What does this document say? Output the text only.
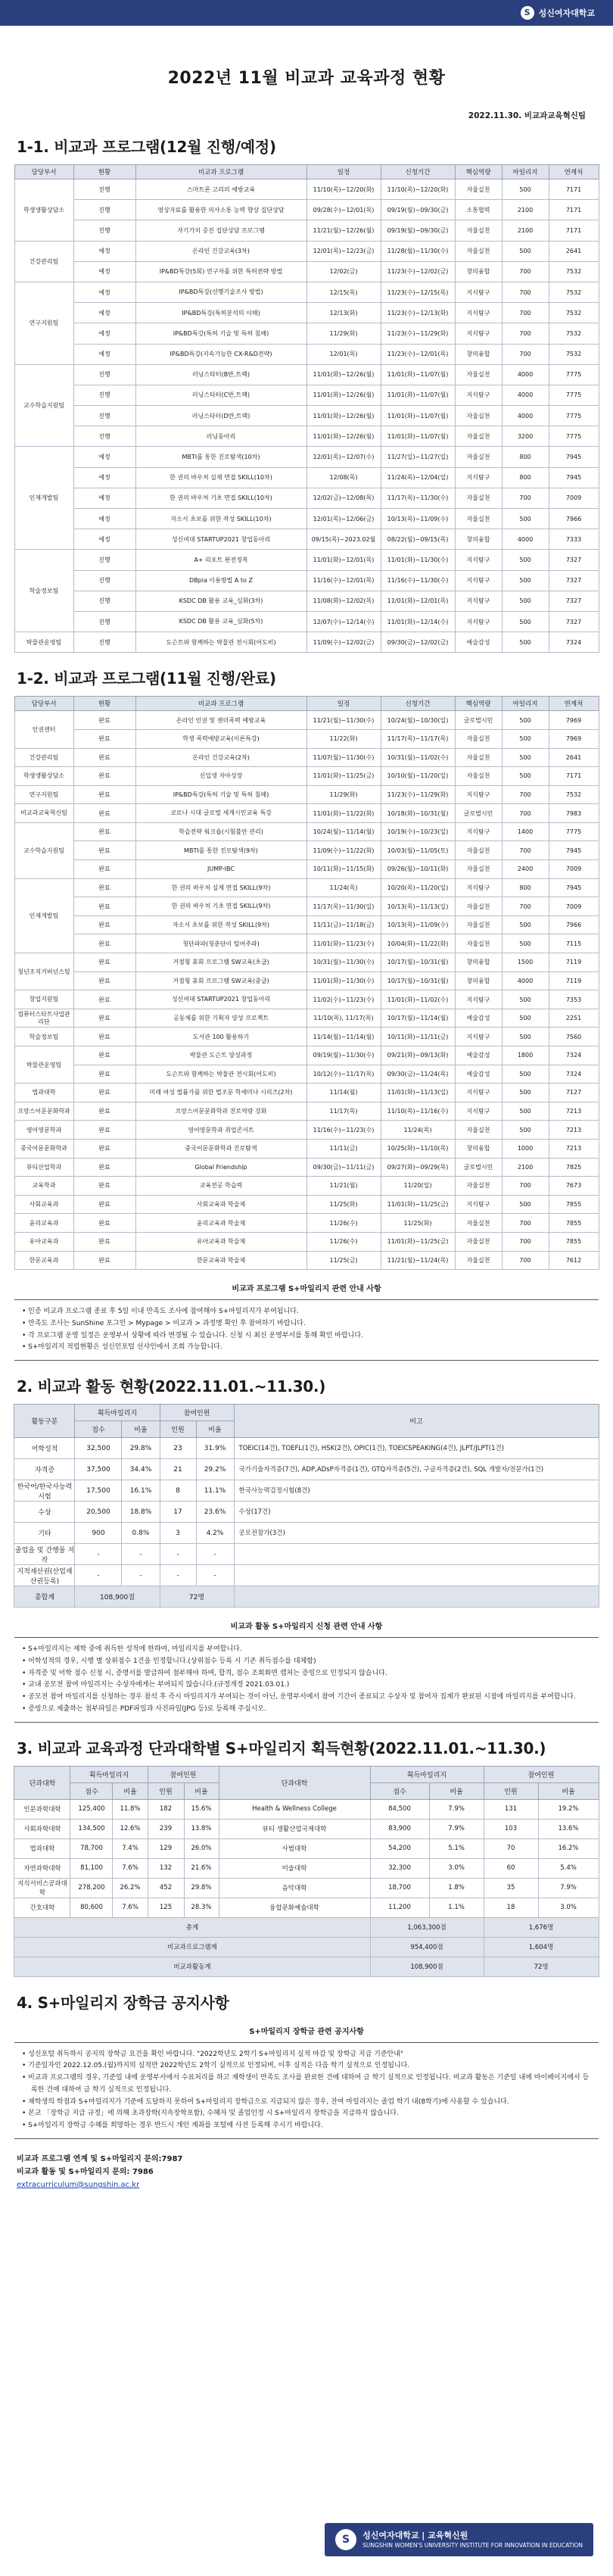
S	성신여자대학교
2022년 11월 비교과 교육과정 현황
2022.11.30. 비교과교육혁신팀
1-1. 비교과 프로그램(12월 진행/예정)
담당부서	현황	비교과 프로그램	일정	신청기간	핵심역량	마일리지	연계처
학생생활상담소	진행	스마트폰 고리의 예방교육	11/10(목)~12/20(화)	11/10(목)~12/20(화)	자율실천	500	7171
	진행	영상자료를 활용한 의사소통 능력 향상 집단상담	09/28(수)~12/01(목)	09/19(월)~09/30(금)	소통협력	2100	7171
	진행	자기가치 증진 집단상담 프로그램	11/21(월)~12/26(월)	09/19(월)~09/30(금)	자율실천	2100	7171
건강관리팀	예정	온라인 건강교육(3차)	12/01(목)~12/23(금)	11/28(월)~11/30(수)	자율실천	500	2641
	예정	IP&BD특강(5회) 연구자를 위한 특허전략 방법	12/02(금)	11/23(수)~12/02(금)	창의융합	700	7532
연구지원팀	예정	IP&BD특강(선행기술조사 방법)	12/15(목)	11/23(수)~12/15(목)	지식탐구	700	7532
	예정	IP&BD특강(특허분석의 이해)	12/13(화)	11/23(수)~12/13(화)	지식탐구	700	7532
	예정	IP&BD특강(특허 기술 및 특허 침해)	11/29(화)	11/23(수)~11/29(화)	지식탐구	700	7532
	예정	IP&BD특강(지속가능한 CX-R&D전략)	12/01(목)	11/23(수)~12/01(목)	창의융합	700	7532
교수학습지원팀	진행	러닝스타터(B반,트랙)	11/01(화)~12/26(월)	11/01(화)~11/07(월)	자율실천	4000	7775
	진행	러닝스타터(C반,트랙)	11/01(화)~12/26(월)	11/01(화)~11/07(월)	지식탐구	4000	7775
	진행	러닝스타터(D반,트랙)	11/01(화)~12/26(월)	11/01(화)~11/07(월)	자율실천	4000	7775
	진행	러닝동아리	11/01(화)~12/26(월)	11/01(화)~11/07(월)	자율실천	3200	7775
인재개발팀	예정	MBTI를 통한 진로탐색(10차)	12/01(목)~12/07(수)	11/27(일)~11/27(일)	자율실천	800	7945
	예정	한 권의 바우처 실제 면접 SKILL(10차)	12/08(목)	11/24(목)~12/04(일)	지식탐구	800	7945
	예정	한 권의 바우처 기초 면접 SKILL(10차)	12/02(금)~12/08(목)	11/17(목)~11/30(수)	자율실천	700	7009
	예정	자소서 초보를 위한 작성 SKILL(10차)	12/01(목)~12/06(금)	10/13(목)~11/09(수)	자율실천	500	7966
	예정	성신여대 STARTUP2021 창업동아리	09/15(목)~2023.02월	08/22(월)~09/15(목)	창의융합	4000	7333
학술정보팀	진행	A+ 리포트 완전정복	11/01(화)~12/01(목)	11/01(화)~11/30(수)	지식탐구	500	7327
	진행	DBpia 이용방법 A to Z	11/16(수)~12/01(목)	11/16(수)~11/30(수)	지식탐구	500	7327
	진행	KSDC DB 활용 교육_심화(3차)	11/08(화)~12/02(목)	11/01(화)~12/01(목)	지식탐구	500	7327
	진행	KSDC DB 활용 교육_심화(5차)	12/07(수)~12/14(수)	11/01(화)~12/14(수)	지식탐구	500	7327
박물관운영팀	진행	도슨트와 함께하는 박물관 전시회(어도비)	11/09(수)~12/02(금)	09/30(금)~12/02(금)	예술감성	500	7324
1-2. 비교과 프로그램(11월 진행/완료)
담당부서	현황	비교과 프로그램	일정	신청기간	핵심역량	마일리지	연계처
인권센터	완료	온라인 인권 및 젠더폭력 예방교육	11/21(월)~11/30(수)	10/24(월)~10/30(일)	글로벌시민	500	7969
	완료	학생 폭력예방교육(이론특강)	11/22(화)	11/17(목)~11/17(목)	자율실천	500	7969
건강관리팀	완료	온라인 건강교육(2차)	11/07(월)~11/30(수)	10/31(월)~11/02(수)	자율실천	500	2641
학생생활상담소	완료	신입생 자아성장	11/01(화)~11/25(금)	10/10(월)~11/20(일)	자율실천	500	7171
연구지원팀	완료	IP&BD특강(특허 기술 및 특허 침해)	11/29(화)	11/23(수)~11/29(화)	지식탐구	700	7532
비교과교육혁신팀	완료	코로나 시대 글로벌 세계시민교육 특강	11/01(화)~11/22(화)	10/18(화)~10/31(월)	글로벌시민	700	7983
교수학습지원팀	완료	학습전략 워크숍(시험불안 관리)	10/24(월)~11/14(월)	10/19(수)~10/23(일)	지식탐구	1400	7775
	완료	MBTI를 통한 진로탐색(9차)	11/09(수)~11/22(화)	10/03(월)~11/05(토)	자율실천	700	7945
	완료	JUMP-IBC	10/11(화)~11/15(화)	09/26(월)~10/11(화)	자율실천	2400	7009
인재개발팀	완료	한 권의 바우처 실제 면접 SKILL(9차)	11/24(목)	10/20(목)~11/20(일)	지식탐구	800	7945
	완료	한 권의 바우처 기초 면접 SKILL(9차)	11/17(목)~11/30(일)	10/13(목)~11/13(일)	자율실천	700	7009
	완료	자소서 초보를 위한 작성 SKILL(9차)	11/11(금)~11/18(금)	10/13(목)~11/09(수)	자율실천	500	7966
	완료	청단파파(청춘단이 털어주파)	11/01(화)~11/23(수)	10/04(화)~11/22(화)	자율실천	500	7115
청년조직거버넌스팀	완료	거점형 휴회 프로그램 SW교육(초급)	10/31(월)~11/30(수)	10/17(월)~10/31(월)	창의융합	1500	7119
	완료	거점형 휴회 프로그램 SW교육(중급)	11/01(화)~11/30(수)	10/17(월)~10/31(월)	창의융합	4000	7119
창업지원팀	완료	성신여대 STARTUP2021 창업동아리	11/02(수)~11/23(수)	11/01(화)~11/02(수)	지식탐구	500	7353
컴퓨터스타트사업관리단	완료	공동체를 위한 기획자 양성 프로젝트	11/10(목), 11/17(목)	10/17(월)~11/14(월)	예술감성	500	2251
학술정보팀	완료	도서관 100 활용하기	11/14(월)~11/14(월)	10/11(화)~11/11(금)	지식탐구	500	7560
박물관운영팀	완료	박물관 도슨트 양성과정	09/19(월)~11/30(수)	09/21(화)~09/13(화)	예술감성	1800	7324
	완료	도슨트와 함께하는 박물관 전시회(어도비)	10/12(수)~11/17(목)	09/30(금)~11/24(목)	예술감성	500	7324
법과대학	완료	미래 여성 법률가를 위한 법조문 학세미나 시리즈(2차)	11/14(월)	11/01(화)~11/13(일)	지식탐구	500	7127
프랑스어문문화학과	완료	프랑스어문문화학과 진로역량 강화	11/17(목)	11/10(목)~11/16(수)	지식탐구	500	7213
영어영문학과	완료	영어영문학과 취업콘서트	11/16(수)~11/23(수)	11/24(목)	자율실천	500	7213
중국어문문화학과	완료	중국어문문화학과 진로탐색	11/11(금)	10/25(화)~11/10(목)	창의융합	1000	7213
뷰티산업학과	완료	Global Friendship	09/30(금)~11/11(금)	09/27(화)~09/29(목)	글로벌시민	2100	7825
교육학과	완료	교육전공 학습력	11/21(월)	11/20(일)	자율실천	700	7673
사회교육과	완료	사회교육과 학술제	11/25(화)	11/01(화)~11/25(금)	지식탐구	500	7855
윤리교육과	완료	윤리교육과 학술제	11/26(수)	11/25(화)	자율실천	700	7855
유아교육과	완료	유아교육과 학술제	11/26(수)	11/01(화)~11/25(금)	자율실천	700	7855
한문교육과	완료	한문교육과 학술제	11/25(금)	11/21(월)~11/24(목)	자율실천	700	7612
비교과 프로그램 S+마일리지 관련 안내 사항
• 인증 비교과 프로그램 종료 후 5일 이내 만족도 조사에 참여해야 S+마일리지가 부여됩니다.
• 만족도 조사는 SunShine 포그인 > Mypage > 비교과 > 과정명 확인 후 참여하기 바랍니다.
• 각 프로그램 운영 일정은 운영부서 상황에 따라 변경될 수 있습니다. 신청 시 최신 운영부서를 통해 확인 바랍니다.
• S+마일리지 적립현황은 성신인포털 선샤인에서 조회 가능합니다.
2. 비교과 활동 현황(2022.11.01.~11.30.)
활동구분	획득마일리지		참여인원		비고
	점수	비율	인원	비율	
어학성적	32,500	29.8%	23	31.9%	TOEIC(14건), TOEFL(1건), HSK(2건), OPIC(1건), TOEICSPEAKING(4건), JLPT/JLPT(1건)
자격증	37,500	34.4%	21	29.2%	국가기술자격증(7건), ADP,ADsP자격증(1건), GTQ자격증(5건), 구글자격증(2건), SQL 개발자/전문가(1건)
한국어/한국사능력시험	17,500	16.1%	8	11.1%	한국사능력검정시험(8건)
수상	20,500	18.8%	17	23.6%	수상(17건)
기타	900	0.8%	3	4.2%	공모전참가(3건)
졸업을 및 간행물 저작	-	-	-	-	
지적재산권(산업재산권등록)	-	-	-	-	
총합계	108,900점		72명		
비교과 활동 S+마일리지 신청 관련 안내 사항
• S+마일리지는 재학 중에 취득한 성적에 한하여, 마일리지를 부여합니다.
• 어학성적의 경우, 시행 별 상위점수 1건을 인정합니다.(상위점수 등록 시 기존 취득점수를 대체함)
• 자격증 및 어학 점수 신청 시, 증명서를 발급하여 첨부해야 하며, 합격, 점수 조회화면 캡처는 증빙으로 인정되지 않습니다.
• 교내 공모전 참여 마일리지는 수상자에게는 부여되지 않습니다.(규정개정 2021.03.01.)
• 공모전 참여 마일리지를 신청하는 경우 참석 후 즉시 마일리지가 부여되는 것이 아닌, 운영부서에서 참여 기간이 종료되고 수상자 및 참여자 집계가 완료된 시점에 마일리지를 부여합니다.
• 증빙으로 제출하는 첨부파일은 PDF파일과 사진파일(JPG 등)로 등록해 주십시오.
3. 비교과 교육과정 단과대학별 S+마일리지 획득현황(2022.11.01.~11.30.)
단과대학	획득마일리지		참여인원		단과대학	획득마일리지		참여인원	
	점수	비율	인원	비율		점수	비율	인원	비율
인문과학대학	125,400	11.8%	182	15.6%	Health & Wellness College	84,500	7.9%	131	19.2%
사회과학대학	134,500	12.6%	239	13.8%	뷰티 생활산업국제대학	83,900	7.9%	103	13.6%
법과대학	78,700	7.4%	129	26.0%	사범대학	54,200	5.1%	70	16.2%
자연과학대학	81,100	7.6%	132	21.6%	미술대학	32,300	3.0%	60	5.4%
지식서비스공과대학	278,200	26.2%	452	29.8%	음악대학	18,700	1.8%	35	7.9%
간호대학	80,600	7.6%	125	28.3%	융합문화예술대학	11,200	1.1%	18	3.0%
총계						1,063,300점		1,676명	
비교과프로그램계						954,400점		1,604명	
비교과활동계						108,900점		72명	
4. S+마일리지 장학금 공지사항
S+마일리지 장학금 관련 공지사항
• 성신포털 취득하시 공지의 장학금 요건을 확인 바랍니다. "2022학년도 2학기 S+마일리지 실적 마감 및 장학금 지급 기준안내"
• 기준일자인 2022.12.05.(월)까지의 실적만 2022학년도 2학기 실적으로 인정되며, 이후 실적은 다음 학기 실적으로 인정됩니다.
• 비교과 프로그램의 경우, 기준일 내에 운영부서에서 수료처리를 하고 재학생이 만족도 조사를 완료한 건에 대하여 금 학기 실적으로 인정됩니다. 비교과 활동은 기준일 내에 마이페이지에서 등록한 건에 대하여 금 학기 실적으로 인정됩니다.
• 재학생의 학점과 S+마일리지가 기준에 도달하지 못하여 S+마일리지 장학금으로 지급되지 않은 경우, 잔여 마일리지는 졸업 학기 내(8학기)에 사용할 수 있습니다.
• 본교 「장학금 지급 규정」에 의해 초과장학(지속장학포함), 수혜자 및 졸업인정 시 S+마일리지 장학금을 지급하지 않습니다.
• S+마일리지 장학금 수혜를 희망하는 경우 반드시 개인 계좌를 포털에 사전 등록해 주시기 바랍니다.
비교과 프로그램 연계 및 S+마일리지 문의:7987
비교과 활동 및 S+마일리지 문의: 7986
extracurriculum@sungshin.ac.kr
S	성신여자대학교 | 교육혁신원
SUNGSHIN WOMEN'S UNIVERSITY INSTITUTE FOR INNOVATION IN EDUCATION
